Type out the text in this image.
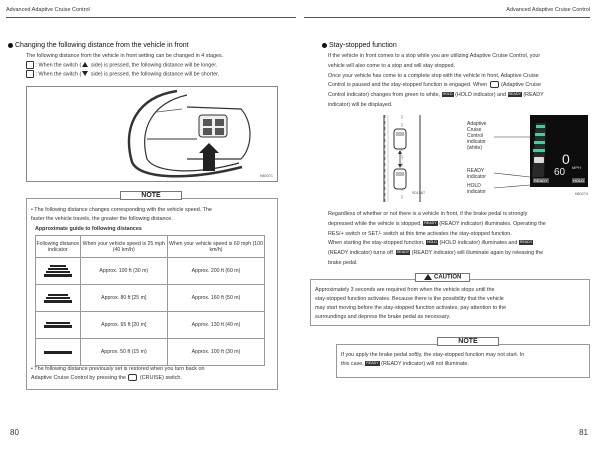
Advanced Adaptive Cruise Control
Changing the following distance from the vehicle in front
The following distance from the vehicle in front setting can be changed in 4 stages.
: When the switch ( side) is pressed, the following distance will be longer.
: When the switch ( side) is pressed, the following distance will be shorter.
H80071
NOTE
• The following distance changes corresponding with the vehicle speed. The
faster the vehicle travels, the greater the following distance.
Approximate guide to following distances
Following distance indicator	When your vehicle speed is 25 mph (40 km/h)	When your vehicle speed is 60 mph (100 km/h)

	Approx. 100 ft (30 m)	Approx. 200 ft (60 m)

	Approx. 80 ft [25 m]	Approx. 160 ft (50 m)

	Approx. 65 ft [20 m]	Approx. 130 ft (40 m)

	Approx. 50 ft (15 m)	Approx. 100 ft (30 m)
• The following distance previously set is restored when you turn back on
Adaptive Cruise Control by pressing the	(CRUISE) switch.
80
Advanced Adaptive Cruise Control
Stay-stopped function
If the vehicle in front comes to a stop while you are utilizing Adaptive Cruise Control, your
vehicle will also come to a stop and will stay stopped.
Once your vehicle has come to a complete stop with the vehicle in front, Adaptive Cruise
Control is paused and the stay-stopped function is engaged. When	(Adaptive Cruise
Control indicator) changes from green to white, HOLD (HOLD indicator) and READY (READY
indicator) will be displayed.
S01587
Adaptive
Cruise
Control
indicator
(white)
READY
indicator
HOLD
indicator
0
MPH
60
READY	HOLD
H80274
Regardless of whether or not there is a vehicle in front, if the brake pedal is strongly
depressed while the vehicle is stopped, READY (READY indicator) illuminates. Operating the
RES/+ switch or SET/- switch at this time activates the stay-stopped function.
When starting the stay-stopped function, HOLD (HOLD indicator) illuminates and READY
(READY indicator) turns off. READY (READY indicator) will illuminate again by releasing the
brake pedal.
CAUTION
Approximately 3 seconds are required from when the vehicle stops until the
stay-stopped function activates. Because there is the possibility that the vehicle
may start moving before the stay-stopped function activates, pay attention to the
surroundings and depress the brake pedal as necessary.
NOTE
If you apply the brake pedal softly, the stay-stopped function may not start. In
this case, READY (READY indicator) will not illuminate.
81
